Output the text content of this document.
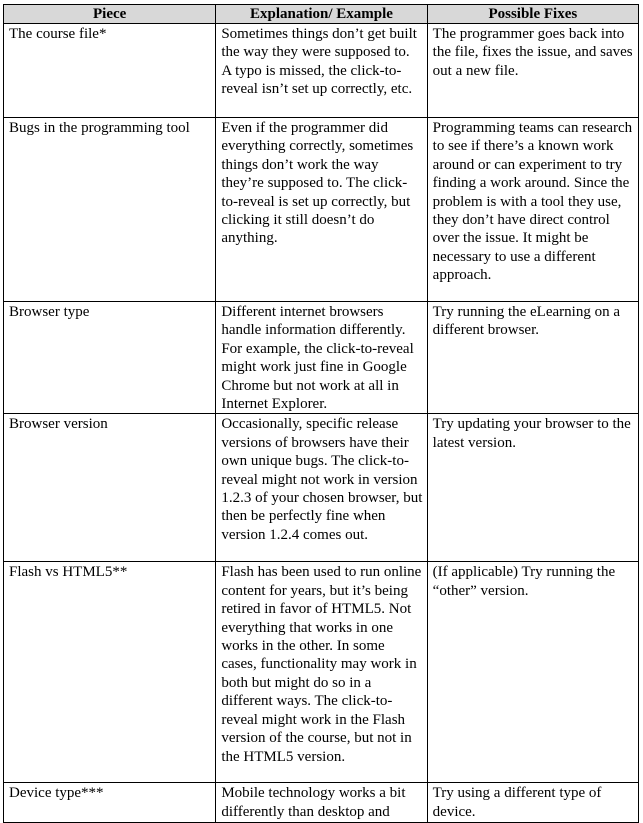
Piece	Explanation/ Example	Possible Fixes
The course file*	Sometimes things don’t get built the way they were supposed to. A typo is missed, the click-to-reveal isn’t set up correctly, etc.	The programmer goes back into the file, fixes the issue, and saves out a new file.
Bugs in the programming tool	Even if the programmer did everything correctly, sometimes things don’t work the way they’re supposed to. The click-to-reveal is set up correctly, but clicking it still doesn’t do anything.	Programming teams can research to see if there’s a known work around or can experiment to try finding a work around. Since the problem is with a tool they use, they don’t have direct control over the issue. It might be necessary to use a different approach.
Browser type	Different internet browsers handle information differently. For example, the click-to-reveal might work just fine in Google Chrome but not work at all in Internet Explorer.	Try running the eLearning on a different browser.
Browser version	Occasionally, specific release versions of browsers have their own unique bugs. The click-to-reveal might not work in version 1.2.3 of your chosen browser, but then be perfectly fine when version 1.2.4 comes out.	Try updating your browser to the latest version.
Flash vs HTML5**	Flash has been used to run online content for years, but it’s being retired in favor of HTML5. Not everything that works in one works in the other. In some cases, functionality may work in both but might do so in a different ways. The click-to-reveal might work in the Flash version of the course, but not in the HTML5 version.	(If applicable) Try running the “other” version.
Device type***	Mobile technology works a bit differently than desktop and	Try using a different type of device.
